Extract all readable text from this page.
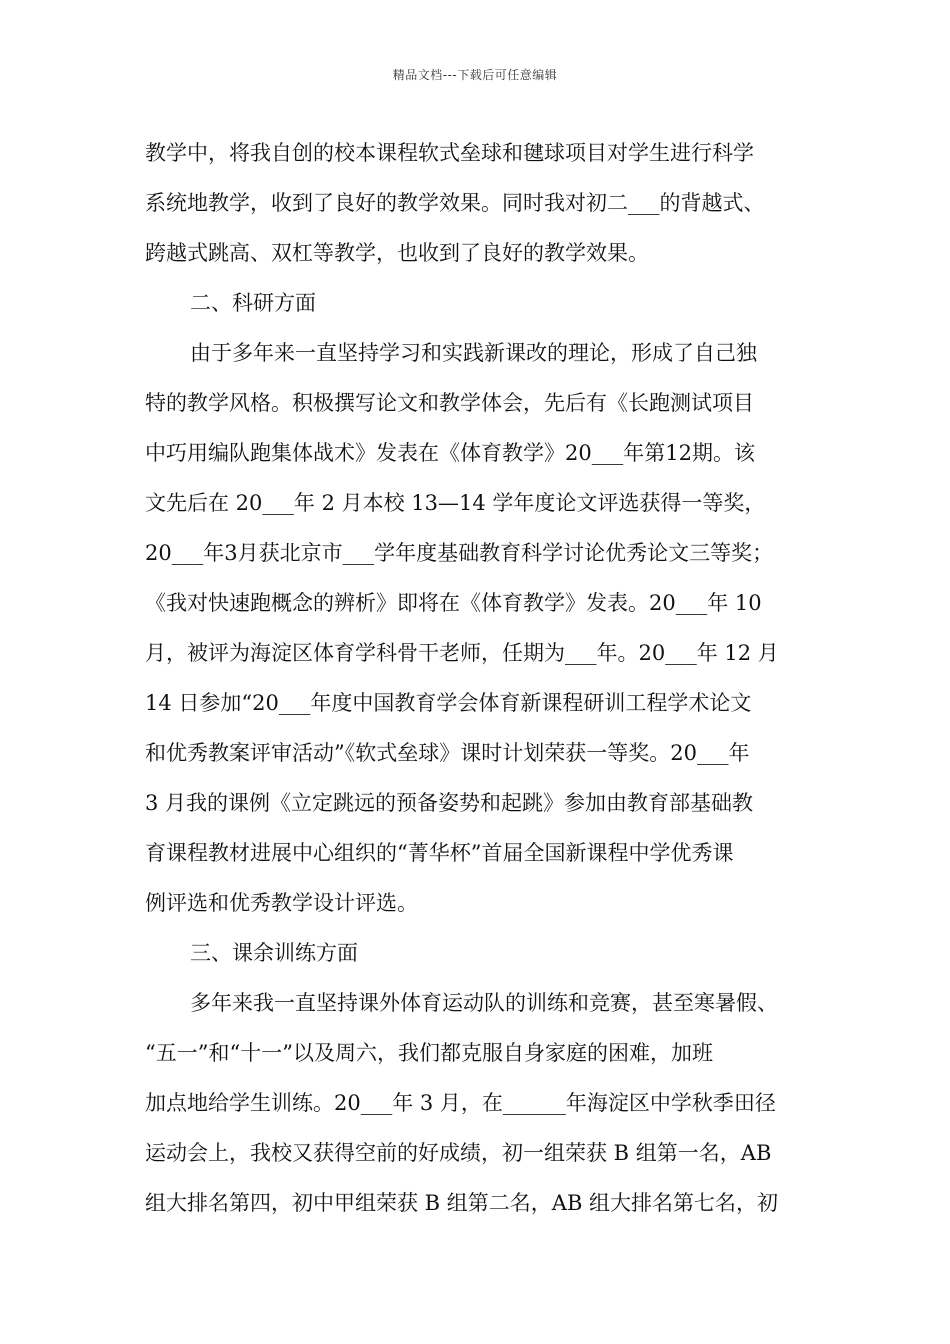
精品文档---下载后可任意编辑
教学中，将我自创的校本课程软式垒球和毽球项目对学生进行科学
系统地教学，收到了良好的教学效果。同时我对初二___的背越式、
跨越式跳高、双杠等教学，也收到了良好的教学效果。
二、科研方面
由于多年来一直坚持学习和实践新课改的理论，形成了自己独
特的教学风格。积极撰写论文和教学体会，先后有《长跑测试项目
中巧用编队跑集体战术》发表在《体育教学》20___年第12期。该
文先后在 20___年 2 月本校 13—14 学年度论文评选获得一等奖，
20___年3月获北京市___学年度基础教育科学讨论优秀论文三等奖；
《我对快速跑概念的辨析》即将在《体育教学》发表。20___年 10
月，被评为海淀区体育学科骨干老师，任期为___年。20___年 12 月
14 日参加“20___年度中国教育学会体育新课程研训工程学术论文
和优秀教案评审活动”《软式垒球》课时计划荣获一等奖。20___年
3 月我的课例《立定跳远的预备姿势和起跳》参加由教育部基础教
育课程教材进展中心组织的“菁华杯”首届全国新课程中学优秀课
例评选和优秀教学设计评选。
三、课余训练方面
多年来我一直坚持课外体育运动队的训练和竞赛，甚至寒暑假、
“五一”和“十一”以及周六，我们都克服自身家庭的困难，加班
加点地给学生训练。20___年 3 月，在______年海淀区中学秋季田径
运动会上，我校又获得空前的好成绩，初一组荣获 B 组第一名，AB
组大排名第四，初中甲组荣获 B 组第二名，AB 组大排名第七名，初
